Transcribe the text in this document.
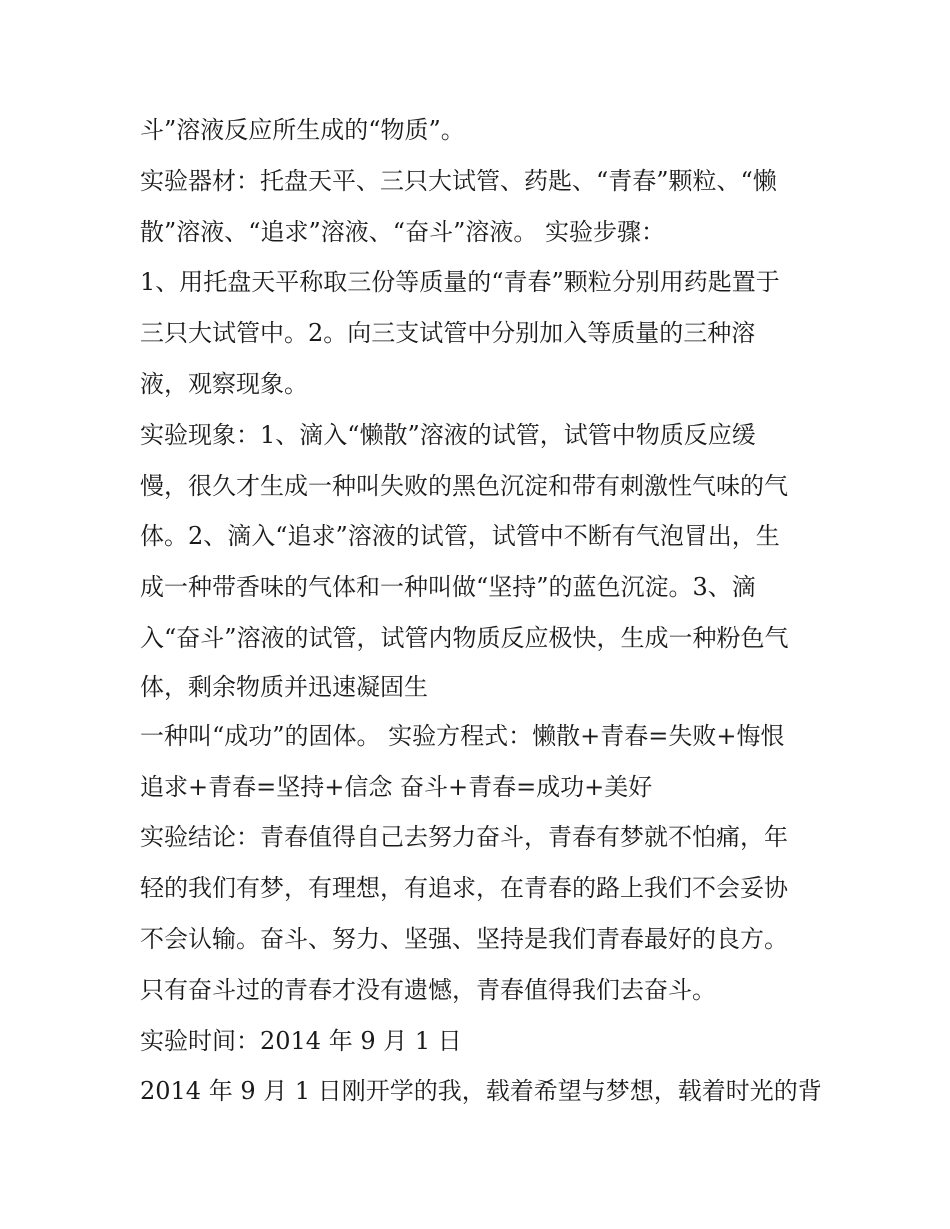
斗”溶液反应所生成的“物质”。
实验器材：托盘天平、三只大试管、药匙、“青春”颗粒、“懒
散”溶液、“追求”溶液、“奋斗”溶液。 实验步骤：
1、用托盘天平称取三份等质量的“青春”颗粒分别用药匙置于
三只大试管中。2。向三支试管中分别加入等质量的三种溶
液，观察现象。
实验现象：1、滴入“懒散”溶液的试管，试管中物质反应缓
慢，很久才生成一种叫失败的黑色沉淀和带有刺激性气味的气
体。2、滴入“追求”溶液的试管，试管中不断有气泡冒出，生
成一种带香味的气体和一种叫做“坚持”的蓝色沉淀。3、滴
入“奋斗”溶液的试管，试管内物质反应极快，生成一种粉色气
体，剩余物质并迅速凝固生
一种叫“成功”的固体。 实验方程式：懒散+青春=失败+悔恨
追求+青春=坚持+信念 奋斗+青春=成功+美好
实验结论：青春值得自己去努力奋斗，青春有梦就不怕痛，年
轻的我们有梦，有理想，有追求，在青春的路上我们不会妥协
不会认输。奋斗、努力、坚强、坚持是我们青春最好的良方。
只有奋斗过的青春才没有遗憾，青春值得我们去奋斗。
实验时间：2014 年 9 月 1 日
2014 年 9 月 1 日刚开学的我，载着希望与梦想，载着时光的背
